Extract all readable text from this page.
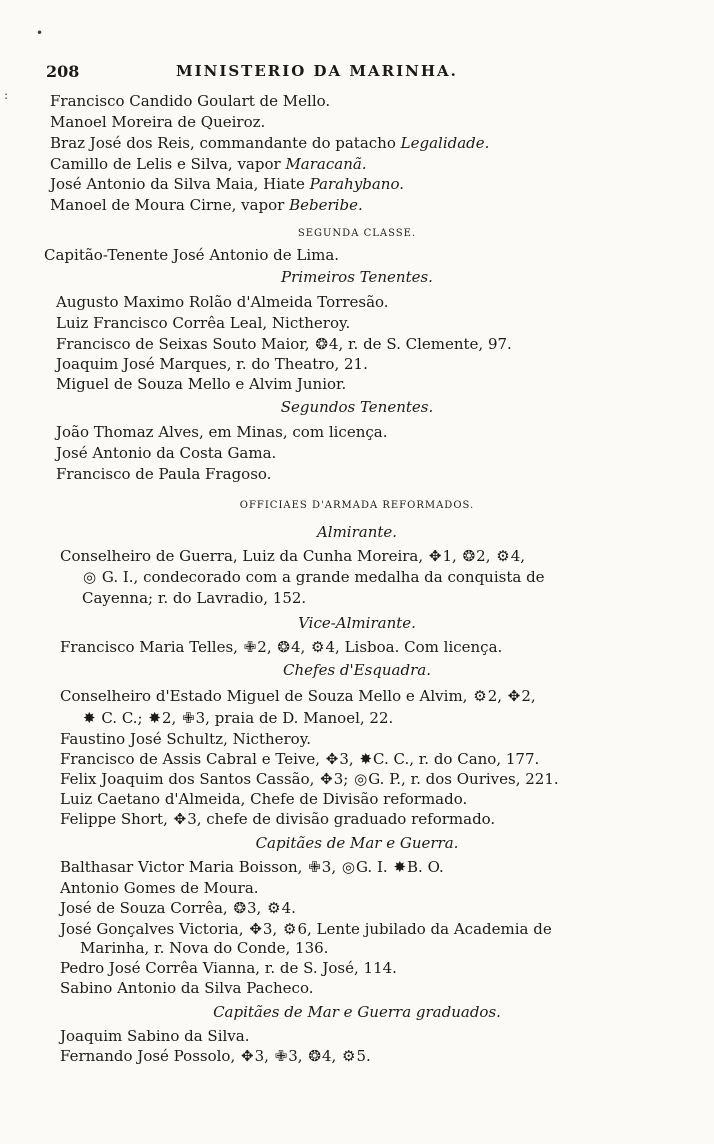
•
:
208	MINISTERIO DA MARINHA.
Francisco Candido Goulart de Mello.
Manoel Moreira de Queiroz.
Braz José dos Reis, commandante do patacho Legalidade.
Camillo de Lelis e Silva, vapor Maracanã.
José Antonio da Silva Maia, Hiate Parahybano.
Manoel de Moura Cirne, vapor Beberibe.
SEGUNDA CLASSE.
Capitão-Tenente José Antonio de Lima.
Primeiros Tenentes.
Augusto Maximo Rolão d'Almeida Torresão.
Luiz Francisco Corrêa Leal, Nictheroy.
Francisco de Seixas Souto Maior, ❂4, r. de S. Clemente, 97.
Joaquim José Marques, r. do Theatro, 21.
Miguel de Souza Mello e Alvim Junior.
Segundos Tenentes.
João Thomaz Alves, em Minas, com licença.
José Antonio da Costa Gama.
Francisco de Paula Fragoso.
OFFICIAES D'ARMADA REFORMADOS.
Almirante.
Conselheiro de Guerra, Luiz da Cunha Moreira, ✥1, ❂2, ⚙4,
◎ G. I., condecorado com a grande medalha da conquista de
Cayenna; r. do Lavradio, 152.
Vice-Almirante.
Francisco Maria Telles, ✙2, ❂4, ⚙4, Lisboa. Com licença.
Chefes d'Esquadra.
Conselheiro d'Estado Miguel de Souza Mello e Alvim, ⚙2, ✥2,
✸ C. C.; ✸2, ✙3, praia de D. Manoel, 22.
Faustino José Schultz, Nictheroy.
Francisco de Assis Cabral e Teive, ✥3, ✸C. C., r. do Cano, 177.
Felix Joaquim dos Santos Cassão, ✥3; ◎G. P., r. dos Ourives, 221.
Luiz Caetano d'Almeida, Chefe de Divisão reformado.
Felippe Short, ✥3, chefe de divisão graduado reformado.
Capitães de Mar e Guerra.
Balthasar Victor Maria Boisson, ✙3, ◎G. I. ✸B. O.
Antonio Gomes de Moura.
José de Souza Corrêa, ❂3, ⚙4.
José Gonçalves Victoria, ✥3, ⚙6, Lente jubilado da Academia de
Marinha, r. Nova do Conde, 136.
Pedro José Corrêa Vianna, r. de S. José, 114.
Sabino Antonio da Silva Pacheco.
Capitães de Mar e Guerra graduados.
Joaquim Sabino da Silva.
Fernando José Possolo, ✥3, ✙3, ❂4, ⚙5.
